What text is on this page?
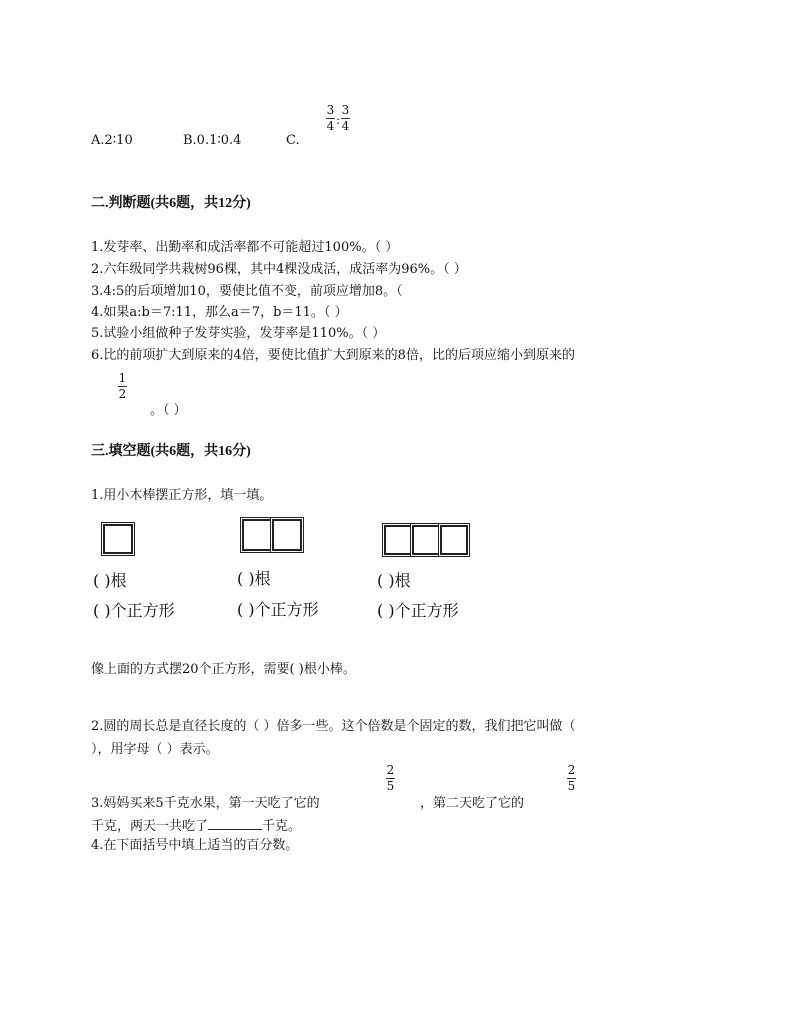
A.2∶10	B.0.1∶0.4	C.
3
4 :
3
4
二.判断题(共6题，共12分)
1.发芽率、出勤率和成活率都不可能超过100%。（ ）
2.六年级同学共栽树96棵，其中4棵没成活，成活率为96%。（ ）
3.4:5的后项增加10，要使比值不变，前项应增加8。（
4.如果a:b＝7:11，那么a＝7，b＝11。（ ）
5.试验小组做种子发芽实验，发芽率是110%。（ ）
6.比的前项扩大到原来的4倍，要使比值扩大到原来的8倍，比的后项应缩小到原来的
1
2
。（ ）
三.填空题(共6题，共16分)
1.用小木棒摆正方形，填一填。
( )根	( )根	( )根
( )个正方形	( )个正方形	( )个正方形
像上面的方式摆20个正方形，需要( )根小棒。
2.圆的周长总是直径长度的（ ）倍多一些。这个倍数是个固定的数，我们把它叫做（
），用字母（ ）表示。
3.妈妈买来5千克水果，第一天吃了它的
2
5
，第二天吃了它的
2
5
千克，两天一共吃了	千克。
4.在下面括号中填上适当的百分数。
